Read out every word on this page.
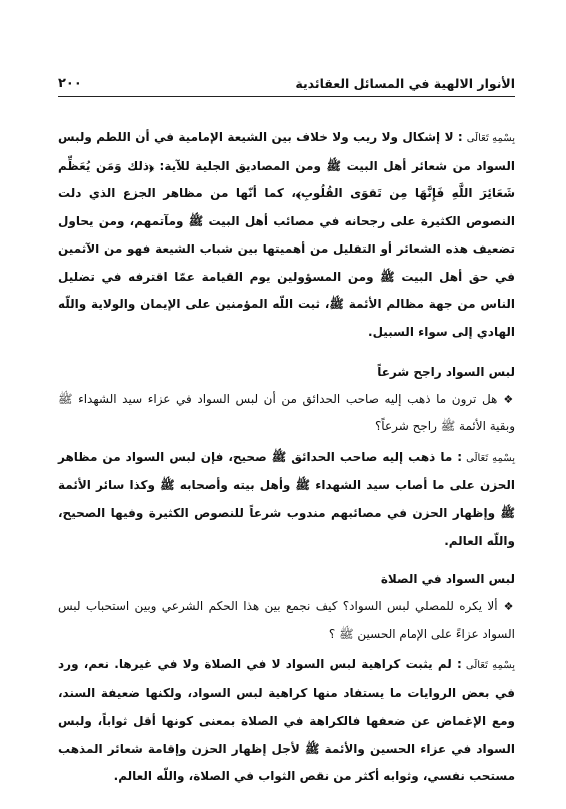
الأنوار الالهية في المسائل العقائدية
٢٠٠

بِسْمِهِ تَعَالَى: لا إشكال ولا ريب ولا خلاف بين الشيعة الإمامية في أن اللطم ولبس السواد من شعائر أهل البيت ﷺ ومن المصاديق الجلية للآية: ﴿ذلك وَمَن يُعَظِّم شَعَائِرَ اللَّهِ فَإِنَّهَا مِن تَقوَى القُلُوبِ﴾، كما أنّها من مظاهر الجزع الذي دلت النصوص الكثيرة على رجحانه في مصائب أهل البيت ﷺ ومآتمهم، ومن يحاول تضعيف هذه الشعائر أو التقليل من أهميتها بين شباب الشيعة فهو من الآثمين في حق أهل البيت ﷺ ومن المسؤولين يوم القيامة عمّا اقترفه في تضليل الناس من جهة مظالم الأئمة ﷺ، ثبت اللّه المؤمنين على الإيمان والولاية واللّه الهادي إلى سواء السبيل.

لبس السواد راجح شرعاً

❖هل ترون ما ذهب إليه صاحب الحدائق من أن لبس السواد في عزاء سيد الشهداء ﷺ وبقية الأئمة ﷺ راجح شرعاً؟

بِسْمِهِ تَعَالَى: ما ذهب إليه صاحب الحدائق ﷺ صحيح، فإن لبس السواد من مظاهر الحزن على ما أصاب سيد الشهداء ﷺ وأهل بيته وأصحابه ﷺ وكذا سائر الأئمة ﷺ وإظهار الحزن في مصائبهم مندوب شرعاً للنصوص الكثيرة وفيها الصحيح، واللّه العالم.

لبس السواد في الصلاة

❖ألا يكره للمصلي لبس السواد؟ كيف نجمع بين هذا الحكم الشرعي وبين استحباب لبس السواد عزاءً على الإمام الحسين ﷺ ؟

بِسْمِهِ تَعَالَى: لم يثبت كراهية لبس السواد لا في الصلاة ولا في غيرها. نعم، ورد في بعض الروايات ما يستفاد منها كراهية لبس السواد، ولكنها ضعيفة السند، ومع الإغماض عن ضعفها فالكراهة في الصلاة بمعنى كونها أقل ثواباً، ولبس السواد في عزاء الحسين والأئمة ﷺ لأجل إظهار الحزن وإقامة شعائر المذهب مستحب نفسي، وثوابه أكثر من نقص الثواب في الصلاة، واللّه العالم.
